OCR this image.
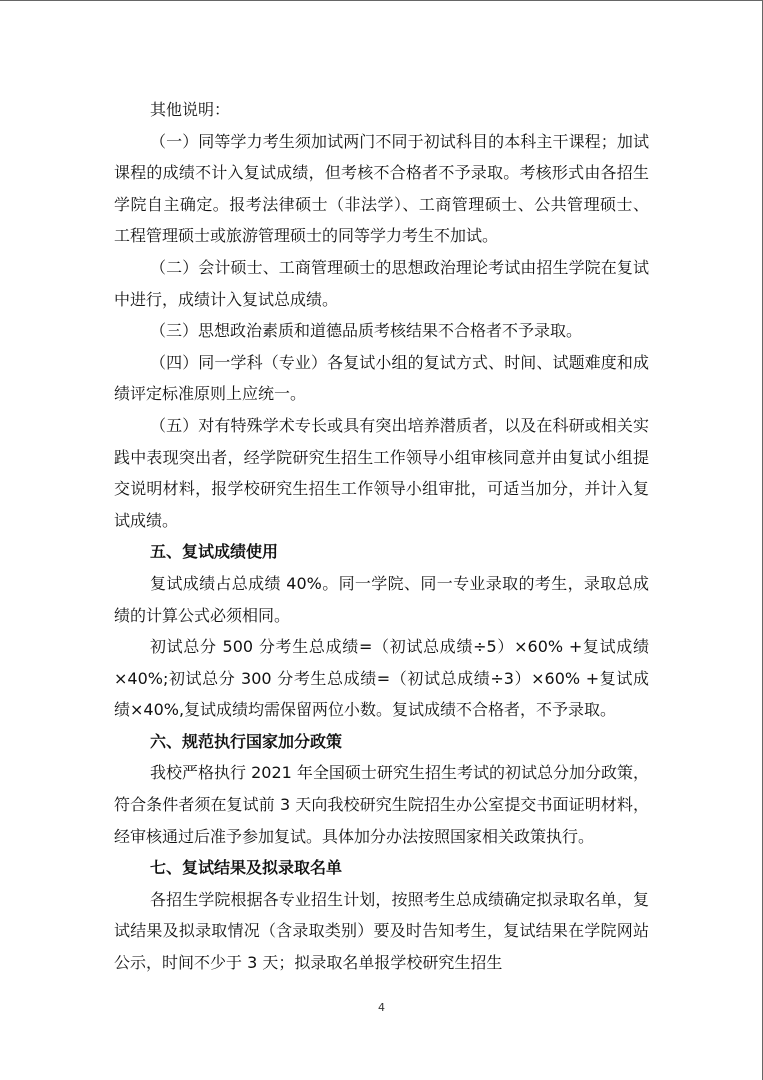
其他说明：

（一）同等学力考生须加试两门不同于初试科目的本科主干课程；加试课程的成绩不计入复试成绩，但考核不合格者不予录取。考核形式由各招生学院自主确定。报考法律硕士（非法学）、工商管理硕士、公共管理硕士、工程管理硕士或旅游管理硕士的同等学力考生不加试。

（二）会计硕士、工商管理硕士的思想政治理论考试由招生学院在复试中进行，成绩计入复试总成绩。

（三）思想政治素质和道德品质考核结果不合格者不予录取。

（四）同一学科（专业）各复试小组的复试方式、时间、试题难度和成绩评定标准原则上应统一。

（五）对有特殊学术专长或具有突出培养潜质者，以及在科研或相关实践中表现突出者，经学院研究生招生工作领导小组审核同意并由复试小组提交说明材料，报学校研究生招生工作领导小组审批，可适当加分，并计入复试成绩。

五、复试成绩使用

复试成绩占总成绩 40%。同一学院、同一专业录取的考生，录取总成绩的计算公式必须相同。

初试总分 500 分考生总成绩=（初试总成绩÷5）×60% +复试成绩×40%;初试总分 300 分考生总成绩=（初试总成绩÷3）×60% +复试成绩×40%,复试成绩均需保留两位小数。复试成绩不合格者，不予录取。

六、规范执行国家加分政策

我校严格执行 2021 年全国硕士研究生招生考试的初试总分加分政策，符合条件者须在复试前 3 天向我校研究生院招生办公室提交书面证明材料，经审核通过后准予参加复试。具体加分办法按照国家相关政策执行。

七、复试结果及拟录取名单

各招生学院根据各专业招生计划，按照考生总成绩确定拟录取名单，复试结果及拟录取情况（含录取类别）要及时告知考生，复试结果在学院网站公示，时间不少于 3 天；拟录取名单报学校研究生招生

4
